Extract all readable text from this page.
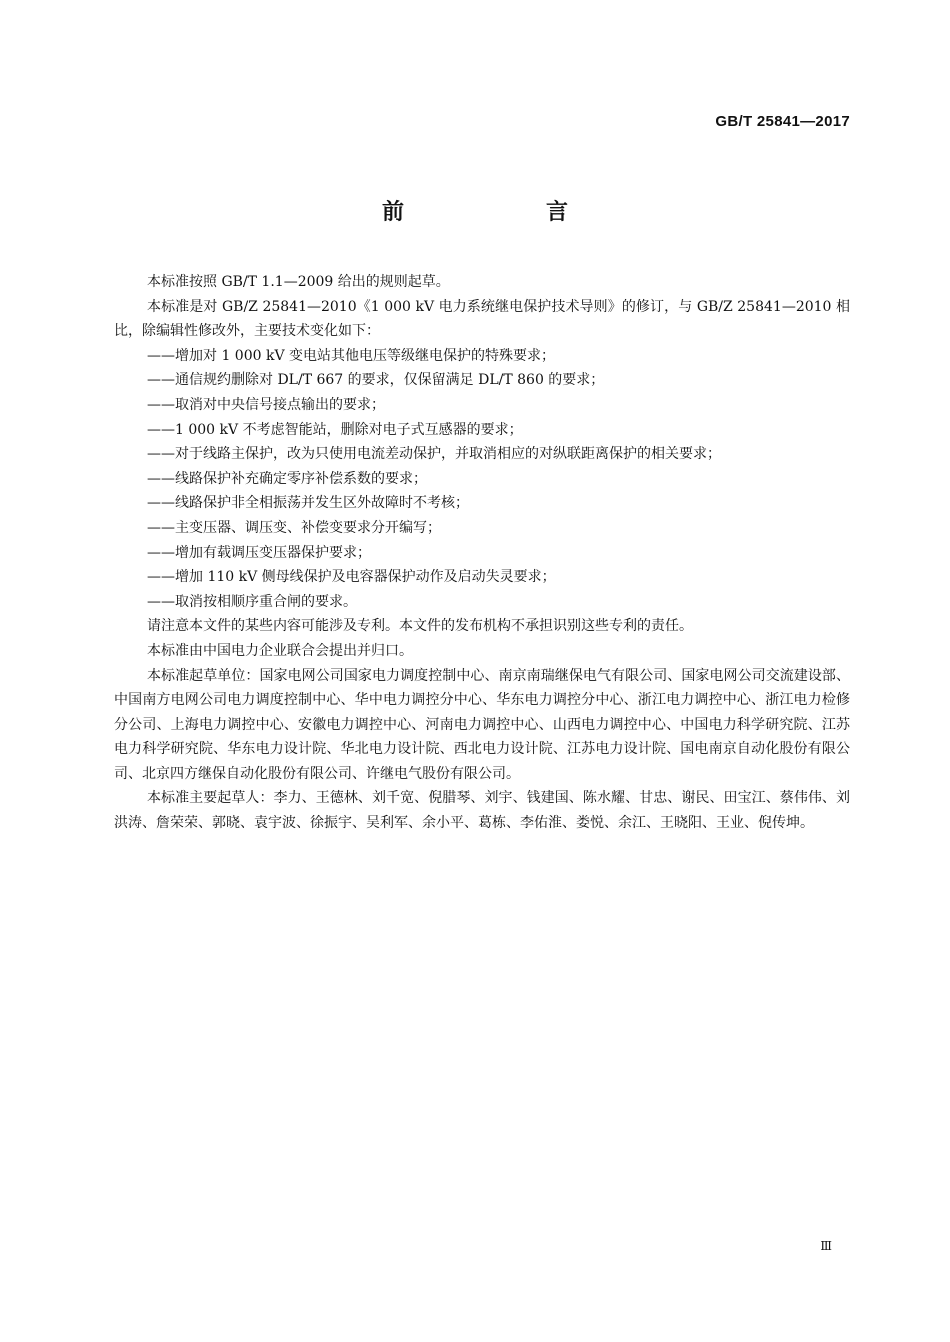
GB/T 25841—2017
前　言

本标准按照 GB/T 1.1—2009 给出的规则起草。

本标准是对 GB/Z 25841—2010《1 000 kV 电力系统继电保护技术导则》的修订，与 GB/Z 25841—2010 相比，除编辑性修改外，主要技术变化如下：

——增加对 1 000 kV 变电站其他电压等级继电保护的特殊要求；

——通信规约删除对 DL/T 667 的要求，仅保留满足 DL/T 860 的要求；

——取消对中央信号接点输出的要求；

——1 000 kV 不考虑智能站，删除对电子式互感器的要求；

——对于线路主保护，改为只使用电流差动保护，并取消相应的对纵联距离保护的相关要求；

——线路保护补充确定零序补偿系数的要求；

——线路保护非全相振荡并发生区外故障时不考核；

——主变压器、调压变、补偿变要求分开编写；

——增加有载调压变压器保护要求；

——增加 110 kV 侧母线保护及电容器保护动作及启动失灵要求；

——取消按相顺序重合闸的要求。

请注意本文件的某些内容可能涉及专利。本文件的发布机构不承担识别这些专利的责任。

本标准由中国电力企业联合会提出并归口。

本标准起草单位：国家电网公司国家电力调度控制中心、南京南瑞继保电气有限公司、国家电网公司交流建设部、中国南方电网公司电力调度控制中心、华中电力调控分中心、华东电力调控分中心、浙江电力调控中心、浙江电力检修分公司、上海电力调控中心、安徽电力调控中心、河南电力调控中心、山西电力调控中心、中国电力科学研究院、江苏电力科学研究院、华东电力设计院、华北电力设计院、西北电力设计院、江苏电力设计院、国电南京自动化股份有限公司、北京四方继保自动化股份有限公司、许继电气股份有限公司。

本标准主要起草人：李力、王德林、刘千宽、倪腊琴、刘宇、钱建国、陈水耀、甘忠、谢民、田宝江、蔡伟伟、刘洪涛、詹荣荣、郭晓、袁宇波、徐振宇、吴利军、余小平、葛栋、李佑淮、娄悦、余江、王晓阳、王业、倪传坤。

Ⅲ
